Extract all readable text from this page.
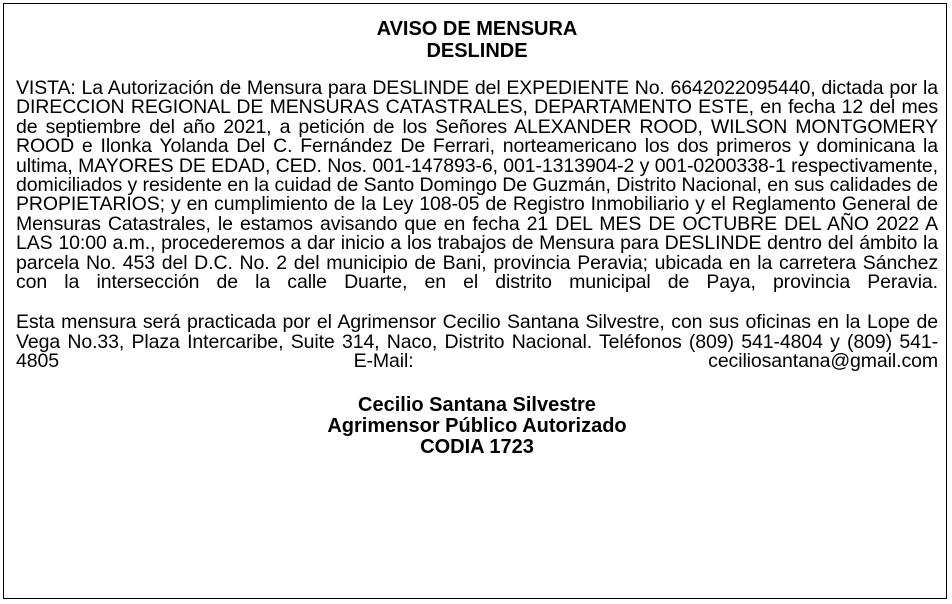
AVISO DE MENSURA

DESLINDE

VISTA: La Autorización de Mensura para DESLINDE del EXPEDIENTE No. 6642022095440, dictada por la DIRECCION REGIONAL DE MENSURAS CATASTRALES, DEPARTAMENTO ESTE, en fecha 12 del mes de septiembre del año 2021, a petición de los Señores ALEXANDER ROOD, WILSON MONTGOMERY ROOD e Ilonka Yolanda Del C. Fernández De Ferrari, norteamericano los dos primeros y dominicana la ultima, MAYORES DE EDAD, CED. Nos. 001-147893-6, 001-1313904-2 y 001-0200338-1 respectivamente, domiciliados y residente en la cuidad de Santo Domingo De Guzmán, Distrito Nacional, en sus calidades de PROPIETARIOS; y en cumplimiento de la Ley 108-05 de Registro Inmobiliario y el Reglamento General de Mensuras Catastrales, le estamos avisando que en fecha 21 DEL MES DE OCTUBRE DEL AÑO 2022 A LAS 10:00 a.m., procederemos a dar inicio a los trabajos de Mensura para DESLINDE dentro del ámbito la parcela No. 453 del D.C. No. 2 del municipio de Bani, provincia Peravia; ubicada en la carretera Sánchez con la intersección de la calle Duarte, en el distrito municipal de Paya, provincia Peravia.

Esta mensura será practicada por el Agrimensor Cecilio Santana Silvestre, con sus oficinas en la Lope de Vega No.33, Plaza Intercaribe, Suite 314, Naco, Distrito Nacional. Teléfonos (809) 541-4804 y (809) 541-4805 E-Mail: ceciliosantana@gmail.com

Cecilio Santana Silvestre

Agrimensor Público Autorizado

CODIA 1723
